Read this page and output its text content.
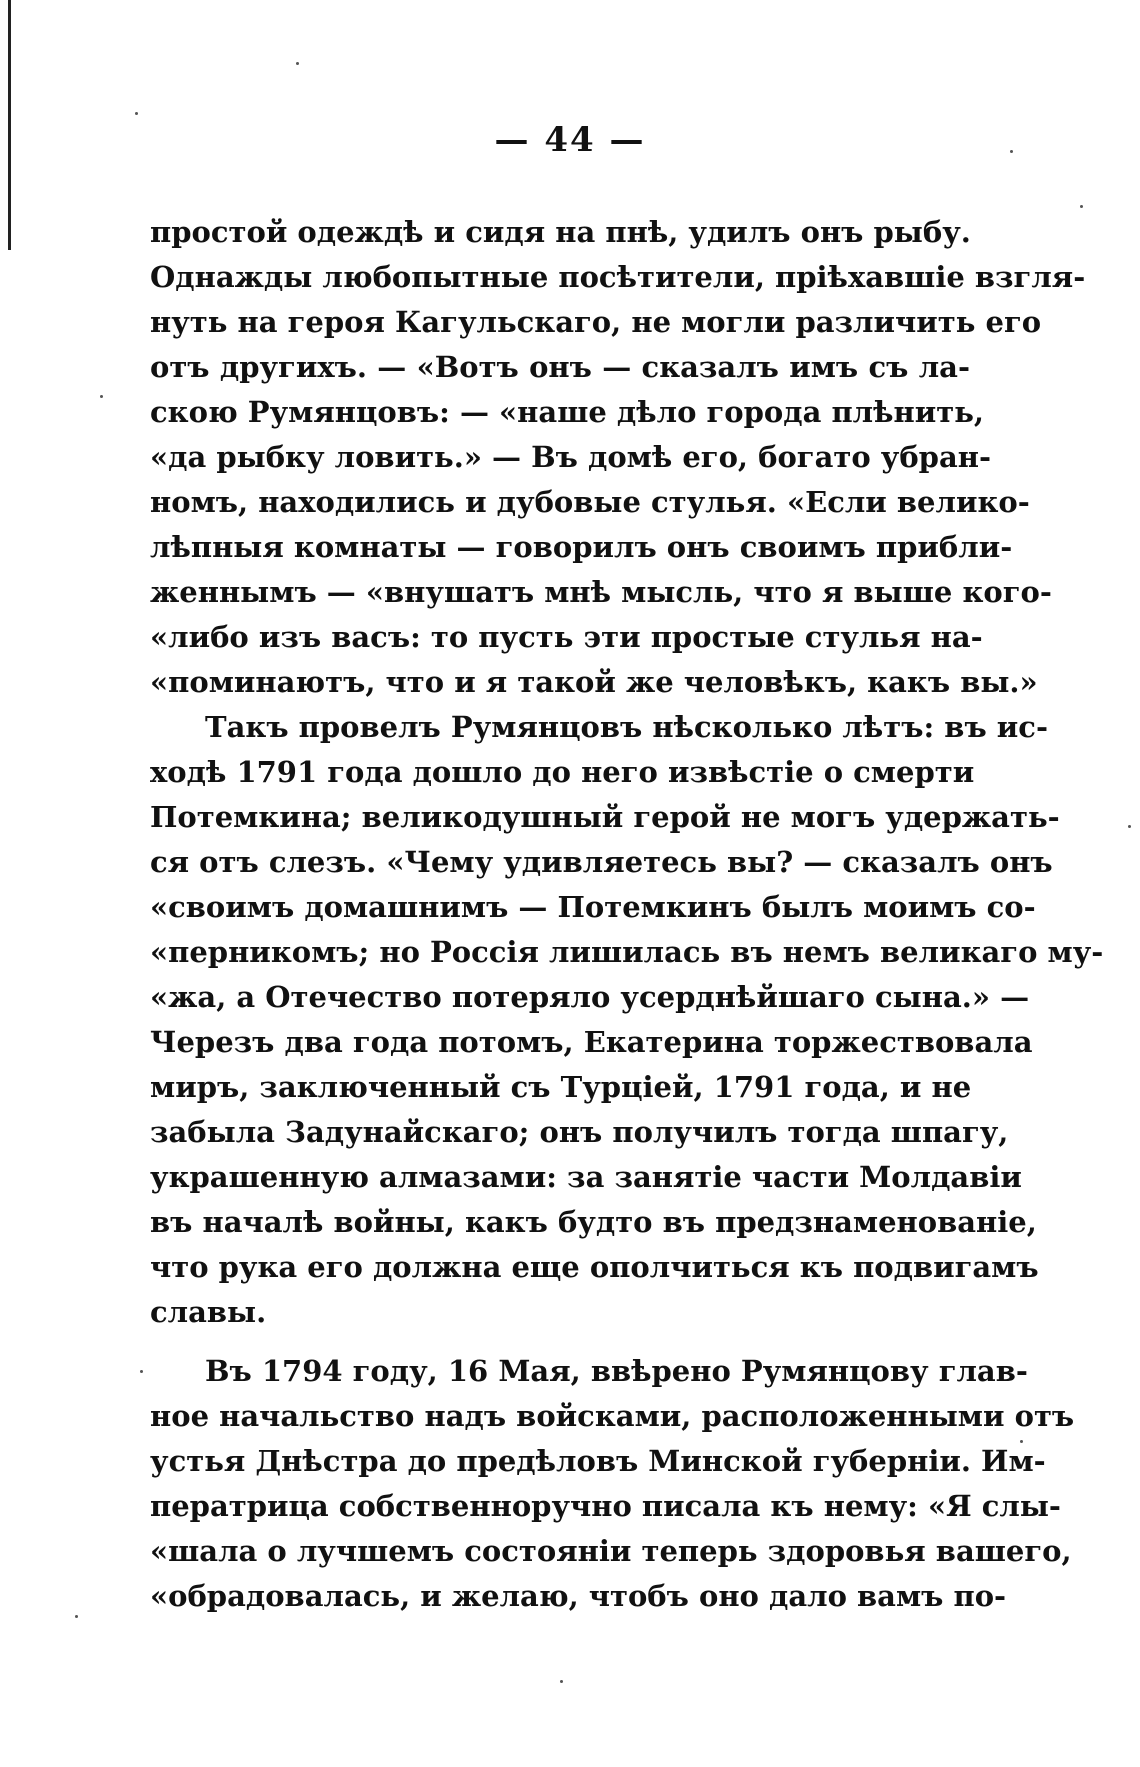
— 44 —
простой одеждѣ и сидя на пнѣ, удилъ онъ рыбу.
Однажды любопытные посѣтители, пріѣхавшіе взгля-
нуть на героя Кагульскаго, не могли различить его
отъ другихъ. — «Вотъ онъ — сказалъ имъ съ ла-
скою Румянцовъ: — «наше дѣло города плѣнить,
«да рыбку ловить.» — Въ домѣ его, богато убран-
номъ, находились и дубовые стулья. «Если велико-
лѣпныя комнаты — говорилъ онъ своимъ прибли-
женнымъ — «внушатъ мнѣ мысль, что я выше кого-
«либо изъ васъ: то пусть эти простые стулья на-
«поминаютъ, что и я такой же человѣкъ, какъ вы.»
Такъ провелъ Румянцовъ нѣсколько лѣтъ: въ ис-
ходѣ 1791 года дошло до него извѣстіе о смерти
Потемкина; великодушный герой не могъ удержать-
ся отъ слезъ. «Чему удивляетесь вы? — сказалъ онъ
«своимъ домашнимъ — Потемкинъ былъ моимъ со-
«перникомъ; но Россія лишилась въ немъ великаго му-
«жа, а Отечество потеряло усерднѣйшаго сына.» —
Черезъ два года потомъ, Екатерина торжествовала
миръ, заключенный съ Турціей, 1791 года, и не
забыла Задунайскаго; онъ получилъ тогда шпагу,
украшенную алмазами: за занятіе части Молдавіи
въ началѣ войны, какъ будто въ предзнаменованіе,
что рука его должна еще ополчиться къ подвигамъ
славы.
Въ 1794 году, 16 Мая, ввѣрено Румянцову глав-
ное начальство надъ войсками, расположенными отъ
устья Днѣстра до предѣловъ Минской губерніи. Им-
ператрица собственноручно писала къ нему: «Я слы-
«шала о лучшемъ состояніи теперь здоровья вашего,
«обрадовалась, и желаю, чтобъ оно дало вамъ по-
